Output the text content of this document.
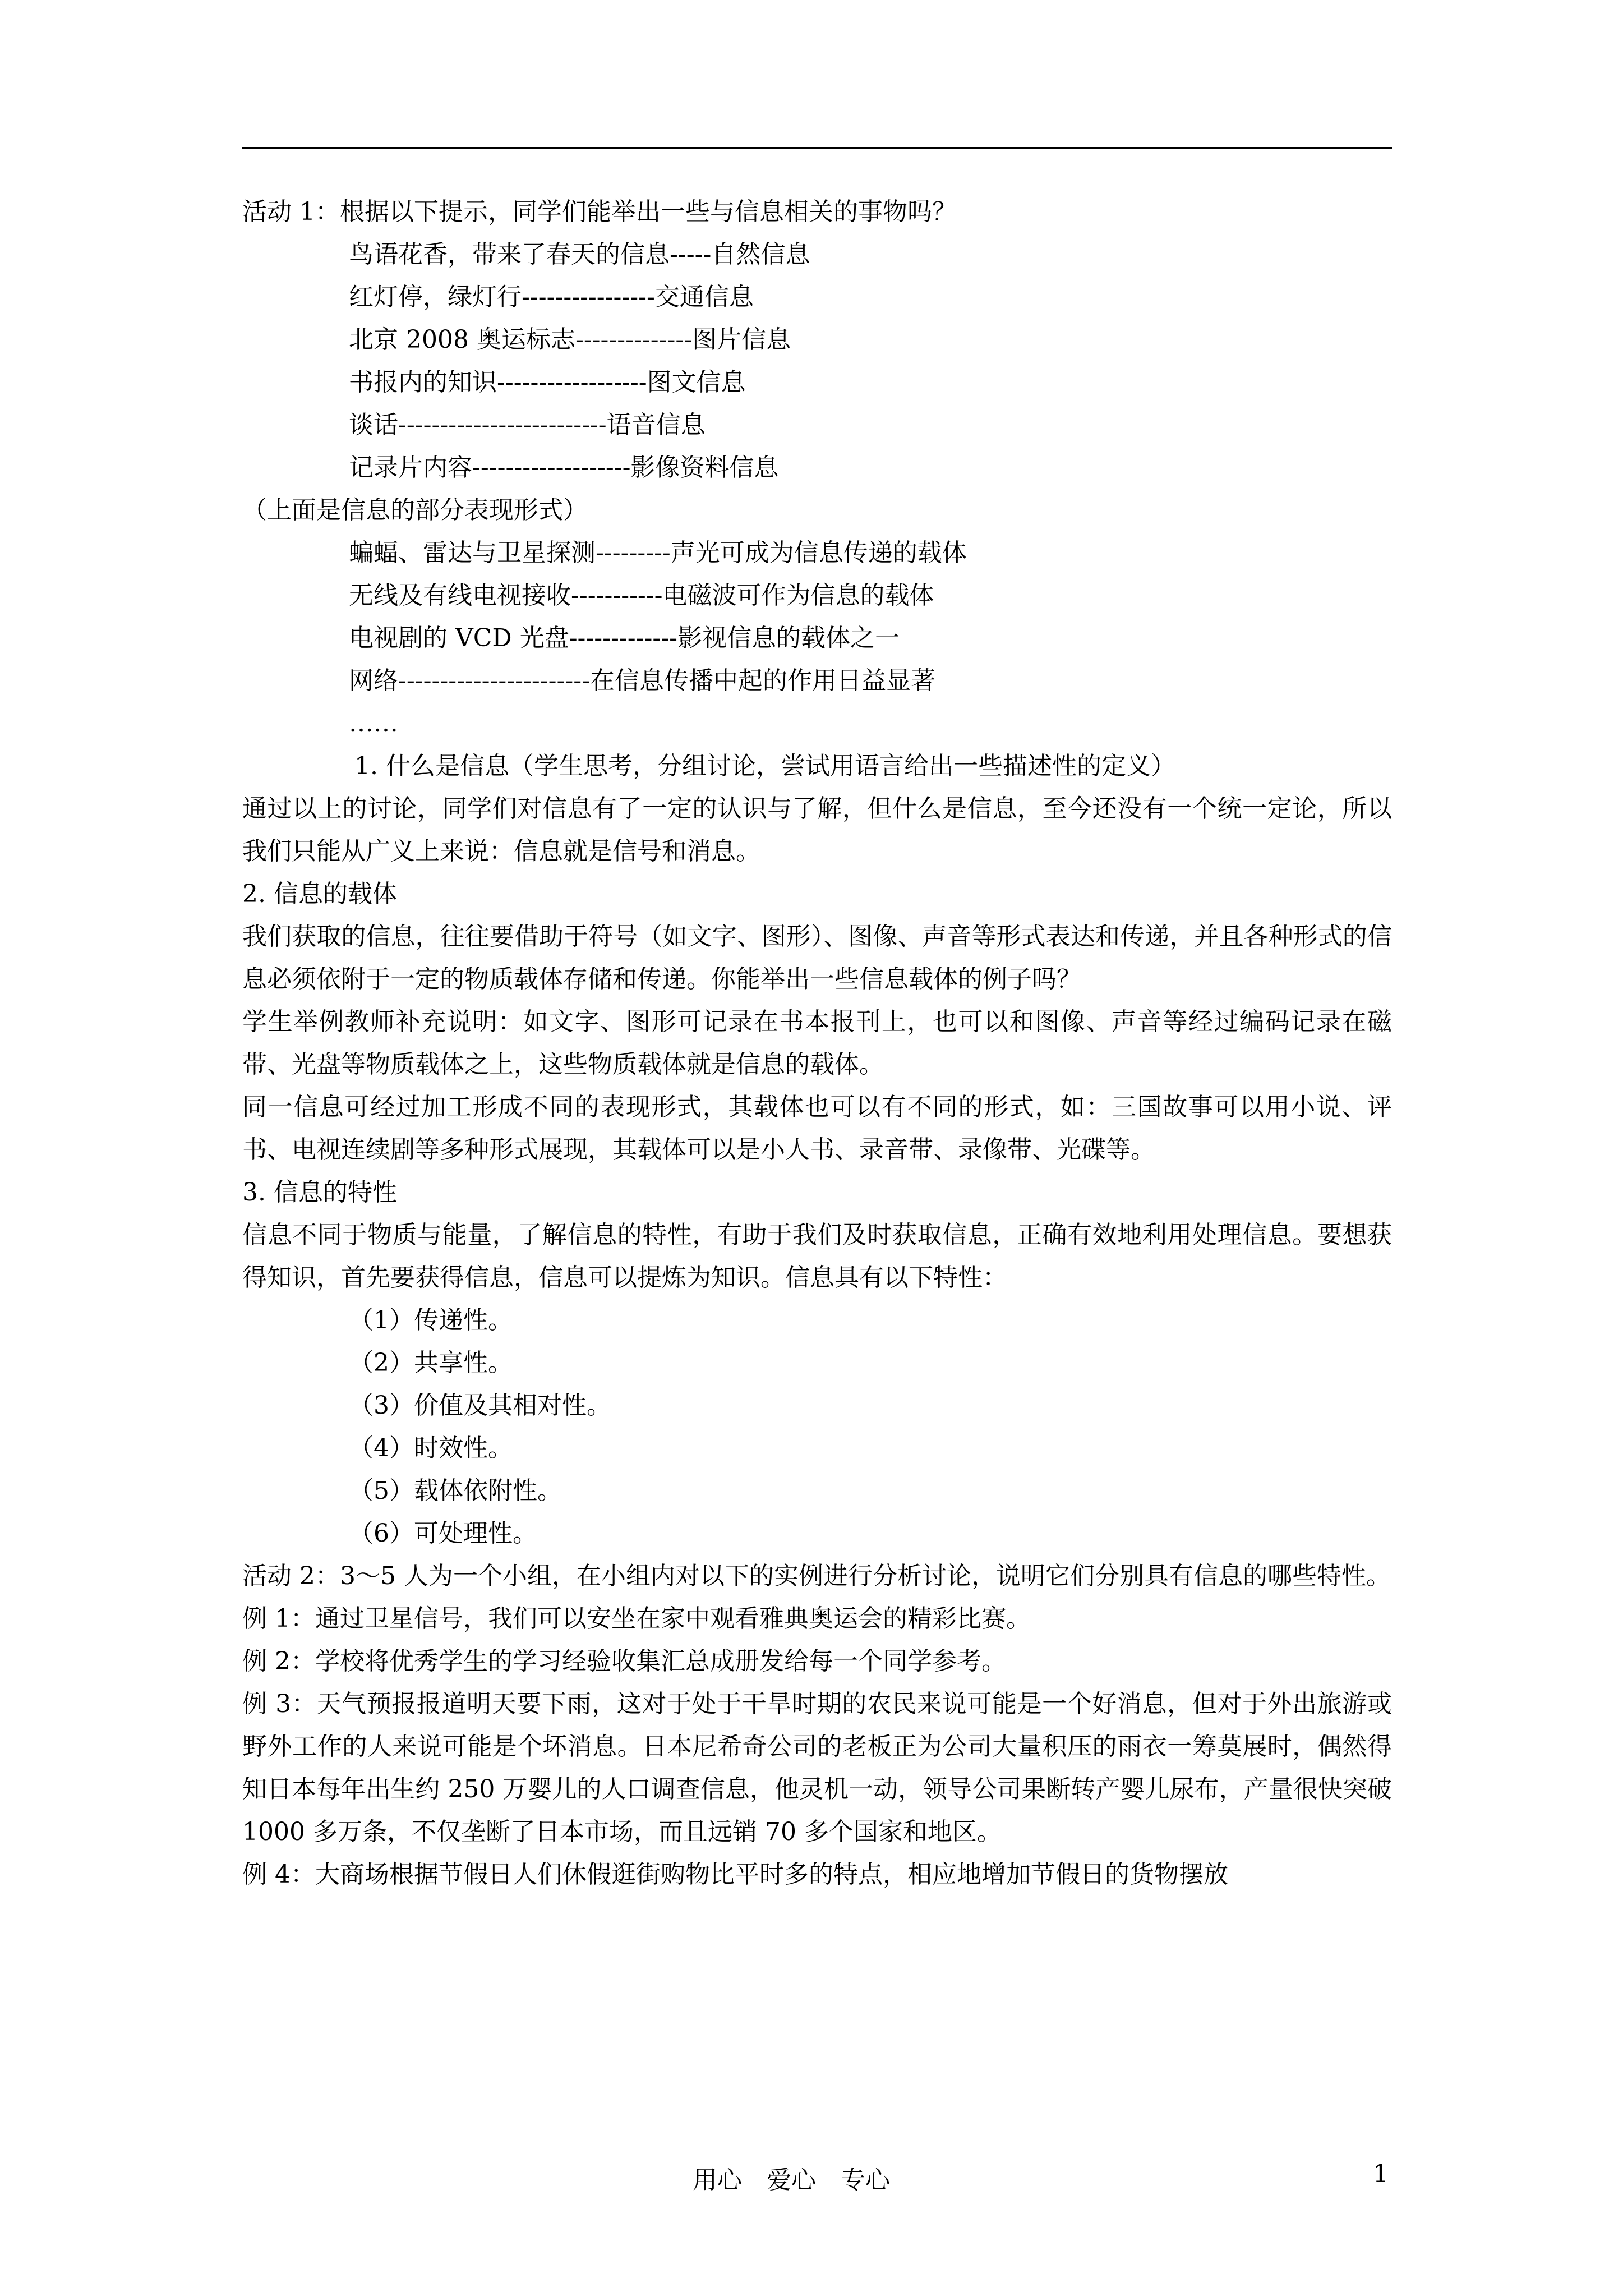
活动 1：根据以下提示，同学们能举出一些与信息相关的事物吗？

鸟语花香，带来了春天的信息-----自然信息

红灯停，绿灯行----------------交通信息

北京 2008 奥运标志--------------图片信息

书报内的知识------------------图文信息

谈话-------------------------语音信息

记录片内容-------------------影像资料信息

（上面是信息的部分表现形式）

蝙蝠、雷达与卫星探测---------声光可成为信息传递的载体

无线及有线电视接收-----------电磁波可作为信息的载体

电视剧的 VCD 光盘-------------影视信息的载体之一

网络-----------------------在信息传播中起的作用日益显著

……

1. 什么是信息（学生思考，分组讨论，尝试用语言给出一些描述性的定义）

通过以上的讨论，同学们对信息有了一定的认识与了解，但什么是信息，至今还没有一个统一定论，所以我们只能从广义上来说：信息就是信号和消息。

2. 信息的载体

我们获取的信息，往往要借助于符号（如文字、图形）、图像、声音等形式表达和传递，并且各种形式的信息必须依附于一定的物质载体存储和传递。你能举出一些信息载体的例子吗？

学生举例教师补充说明：如文字、图形可记录在书本报刊上，也可以和图像、声音等经过编码记录在磁带、光盘等物质载体之上，这些物质载体就是信息的载体。

同一信息可经过加工形成不同的表现形式，其载体也可以有不同的形式，如：三国故事可以用小说、评书、电视连续剧等多种形式展现，其载体可以是小人书、录音带、录像带、光碟等。

3. 信息的特性

信息不同于物质与能量，了解信息的特性，有助于我们及时获取信息，正确有效地利用处理信息。要想获得知识，首先要获得信息，信息可以提炼为知识。信息具有以下特性：

（1）传递性。

（2）共享性。

（3）价值及其相对性。

（4）时效性。

（5）载体依附性。

（6）可处理性。

活动 2：3～5 人为一个小组，在小组内对以下的实例进行分析讨论，说明它们分别具有信息的哪些特性。

例 1：通过卫星信号，我们可以安坐在家中观看雅典奥运会的精彩比赛。

例 2：学校将优秀学生的学习经验收集汇总成册发给每一个同学参考。

例 3：天气预报报道明天要下雨，这对于处于干旱时期的农民来说可能是一个好消息，但对于外出旅游或野外工作的人来说可能是个坏消息。日本尼希奇公司的老板正为公司大量积压的雨衣一筹莫展时，偶然得知日本每年出生约 250 万婴儿的人口调查信息，他灵机一动，领导公司果断转产婴儿尿布，产量很快突破 1000 多万条，不仅垄断了日本市场，而且远销 70 多个国家和地区。

例 4：大商场根据节假日人们休假逛街购物比平时多的特点，相应地增加节假日的货物摆放

用心　爱心　专心	1
